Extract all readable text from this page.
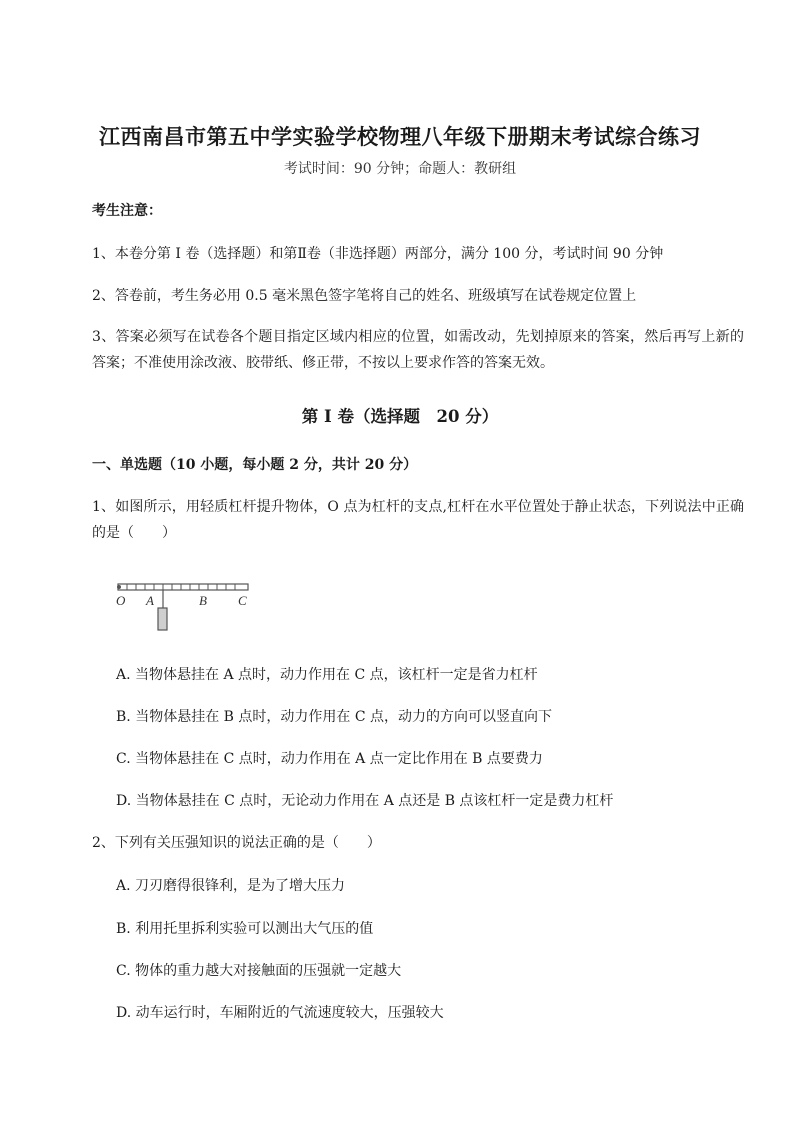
江西南昌市第五中学实验学校物理八年级下册期末考试综合练习
考试时间：90 分钟；命题人：教研组
考生注意：
1、本卷分第 I 卷（选择题）和第Ⅱ卷（非选择题）两部分，满分 100 分，考试时间 90 分钟
2、答卷前，考生务必用 0.5 毫米黑色签字笔将自己的姓名、班级填写在试卷规定位置上
3、答案必须写在试卷各个题目指定区域内相应的位置，如需改动，先划掉原来的答案，然后再写上新的答案；不准使用涂改液、胶带纸、修正带，不按以上要求作答的答案无效。
第 I 卷（选择题　20 分）
一、单选题（10 小题，每小题 2 分，共计 20 分）
1、如图所示，用轻质杠杆提升物体，O 点为杠杆的支点,杠杆在水平位置处于静止状态，下列说法中正确的是（　　）
O A	B C
A. 当物体悬挂在 A 点时，动力作用在 C 点，该杠杆一定是省力杠杆
B. 当物体悬挂在 B 点时，动力作用在 C 点，动力的方向可以竖直向下
C. 当物体悬挂在 C 点时，动力作用在 A 点一定比作用在 B 点要费力
D. 当物体悬挂在 C 点时，无论动力作用在 A 点还是 B 点该杠杆一定是费力杠杆
2、下列有关压强知识的说法正确的是（　　）
A. 刀刃磨得很锋利，是为了增大压力
B. 利用托里拆利实验可以测出大气压的值
C. 物体的重力越大对接触面的压强就一定越大
D. 动车运行时，车厢附近的气流速度较大，压强较大
